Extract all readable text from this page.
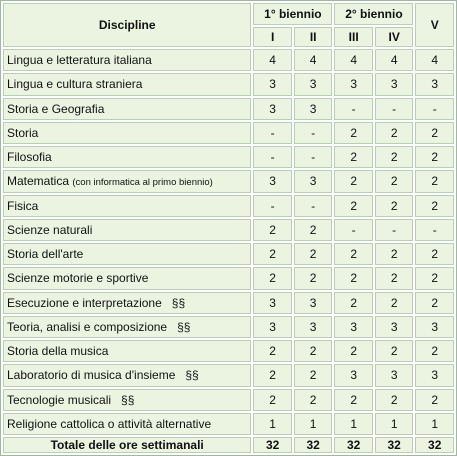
Discipline	1° biennio		2° biennio		V
	I	II	III	IV	
Lingua e letteratura italiana	4	4	4	4	4
Lingua e cultura straniera	3	3	3	3	3
Storia e Geografia	3	3	-	-	-
Storia	-	-	2	2	2
Filosofia	-	-	2	2	2
Matematica (con informatica al primo biennio)	3	3	2	2	2
Fisica	-	-	2	2	2
Scienze naturali	2	2	-	-	-
Storia dell'arte	2	2	2	2	2
Scienze motorie e sportive	2	2	2	2	2
Esecuzione e interpretazione   §§	3	3	2	2	2
Teoria, analisi e composizione   §§	3	3	3	3	3
Storia della musica	2	2	2	2	2
Laboratorio di musica d'insieme   §§	2	2	3	3	3
Tecnologie musicali   §§	2	2	2	2	2
Religione cattolica o attività alternative	1	1	1	1	1
Totale delle ore settimanali	32	32	32	32	32
